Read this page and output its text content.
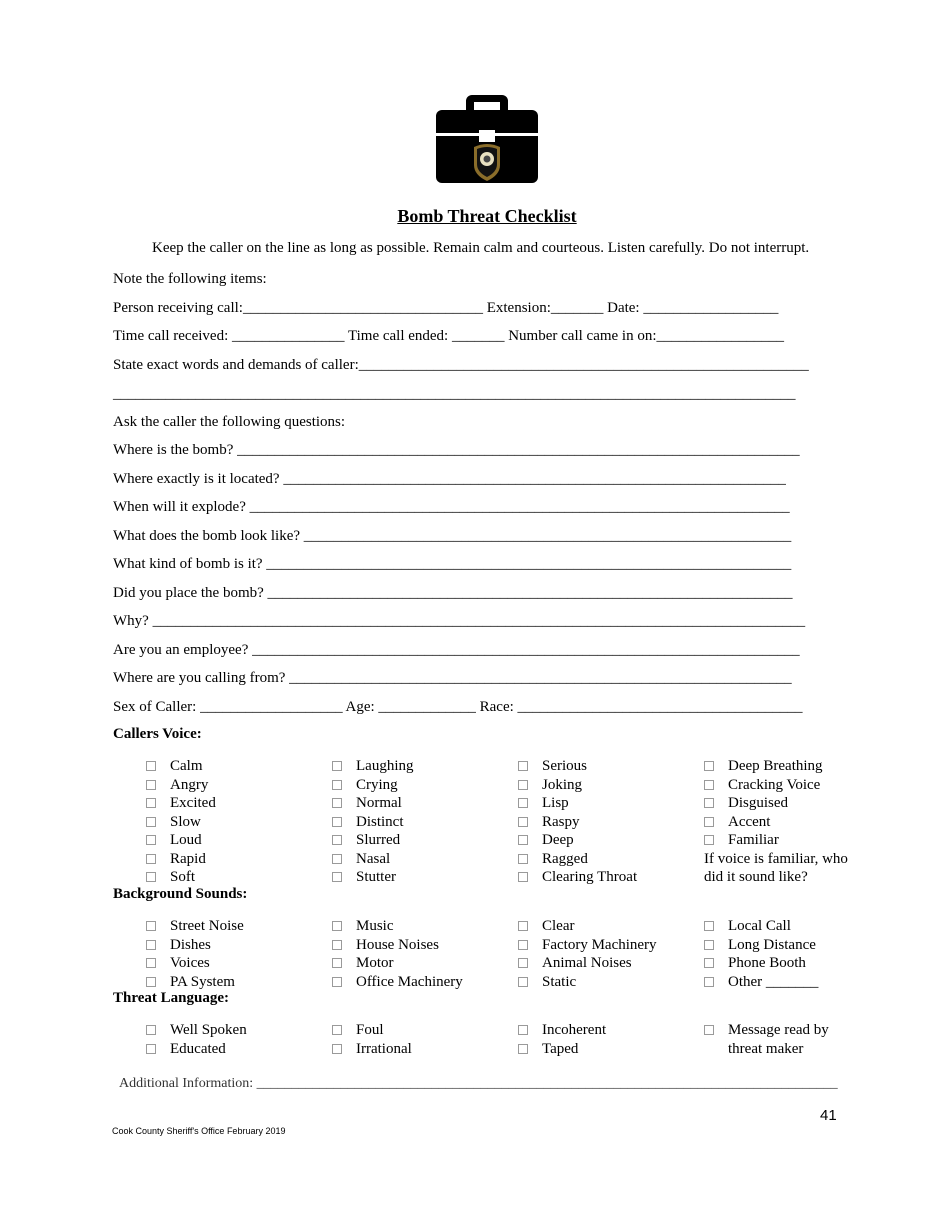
Bomb Threat Checklist
Keep the caller on the line as long as possible. Remain calm and courteous. Listen carefully. Do not interrupt.
Note the following items:
Person receiving call:________________________________ Extension:_______ Date: __________________
Time call received: _______________ Time call ended: _______ Number call came in on:_________________
State exact words and demands of caller:____________________________________________________________
___________________________________________________________________________________________
Ask the caller the following questions:
Where is the bomb? ___________________________________________________________________________
Where exactly is it located? ___________________________________________________________________
When will it explode? ________________________________________________________________________
What does the bomb look like? _________________________________________________________________
What kind of bomb is it? ______________________________________________________________________
Did you place the bomb? ______________________________________________________________________
Why? _______________________________________________________________________________________
Are you an employee? _________________________________________________________________________
Where are you calling from? ___________________________________________________________________
Sex of Caller: ___________________ Age: _____________ Race: ______________________________________
Callers Voice:
Calm
Angry
Excited
Slow
Loud
Rapid
Soft
Laughing
Crying
Normal
Distinct
Slurred
Nasal
Stutter
Serious
Joking
Lisp
Raspy
Deep
Ragged
Clearing Throat
Deep Breathing
Cracking Voice
Disguised
Accent
Familiar
If voice is familiar, who did it sound like?
Background Sounds:
Street Noise
Dishes
Voices
PA System
Music
House Noises
Motor
Office Machinery
Clear
Factory Machinery
Animal Noises
Static
Local Call
Long Distance
Phone Booth
Other _______
Threat Language:
Well Spoken
Educated
Foul
Irrational
Incoherent
Taped
Message read by
threat maker
Additional Information: ___________________________________________________________________________________
41
Cook County Sheriff's Office February 2019
